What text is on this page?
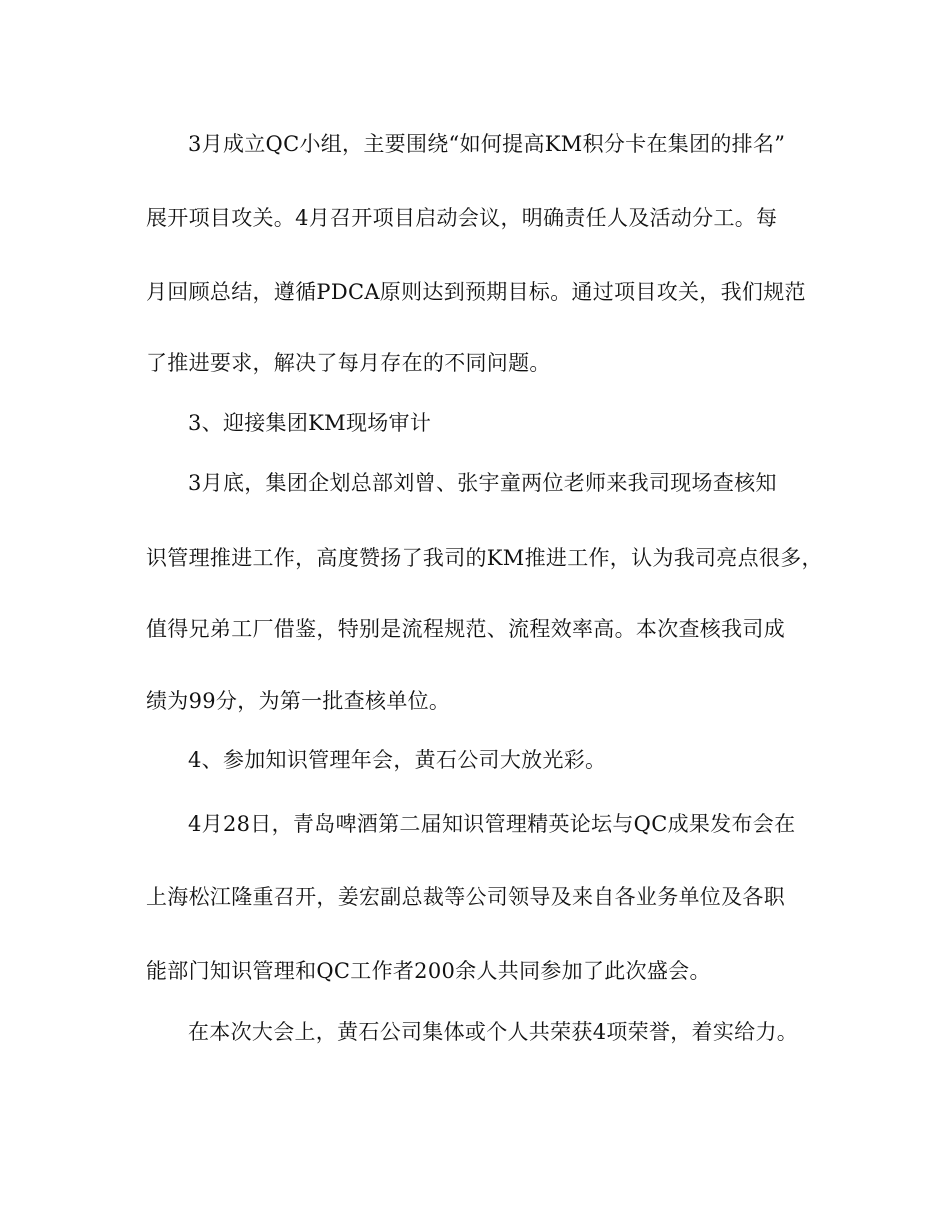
3月成立QC小组，主要围绕“如何提高KM积分卡在集团的排名”
展开项目攻关。4月召开项目启动会议，明确责任人及活动分工。每
月回顾总结，遵循PDCA原则达到预期目标。通过项目攻关，我们规范
了推进要求，解决了每月存在的不同问题。
3、迎接集团KM现场审计
3月底，集团企划总部刘曾、张宇童两位老师来我司现场查核知
识管理推进工作，高度赞扬了我司的KM推进工作，认为我司亮点很多，
值得兄弟工厂借鉴，特别是流程规范、流程效率高。本次查核我司成
绩为99分，为第一批查核单位。
4、参加知识管理年会，黄石公司大放光彩。
4月28日，青岛啤酒第二届知识管理精英论坛与QC成果发布会在
上海松江隆重召开，姜宏副总裁等公司领导及来自各业务单位及各职
能部门知识管理和QC工作者200余人共同参加了此次盛会。
在本次大会上，黄石公司集体或个人共荣获4项荣誉，着实给力。
